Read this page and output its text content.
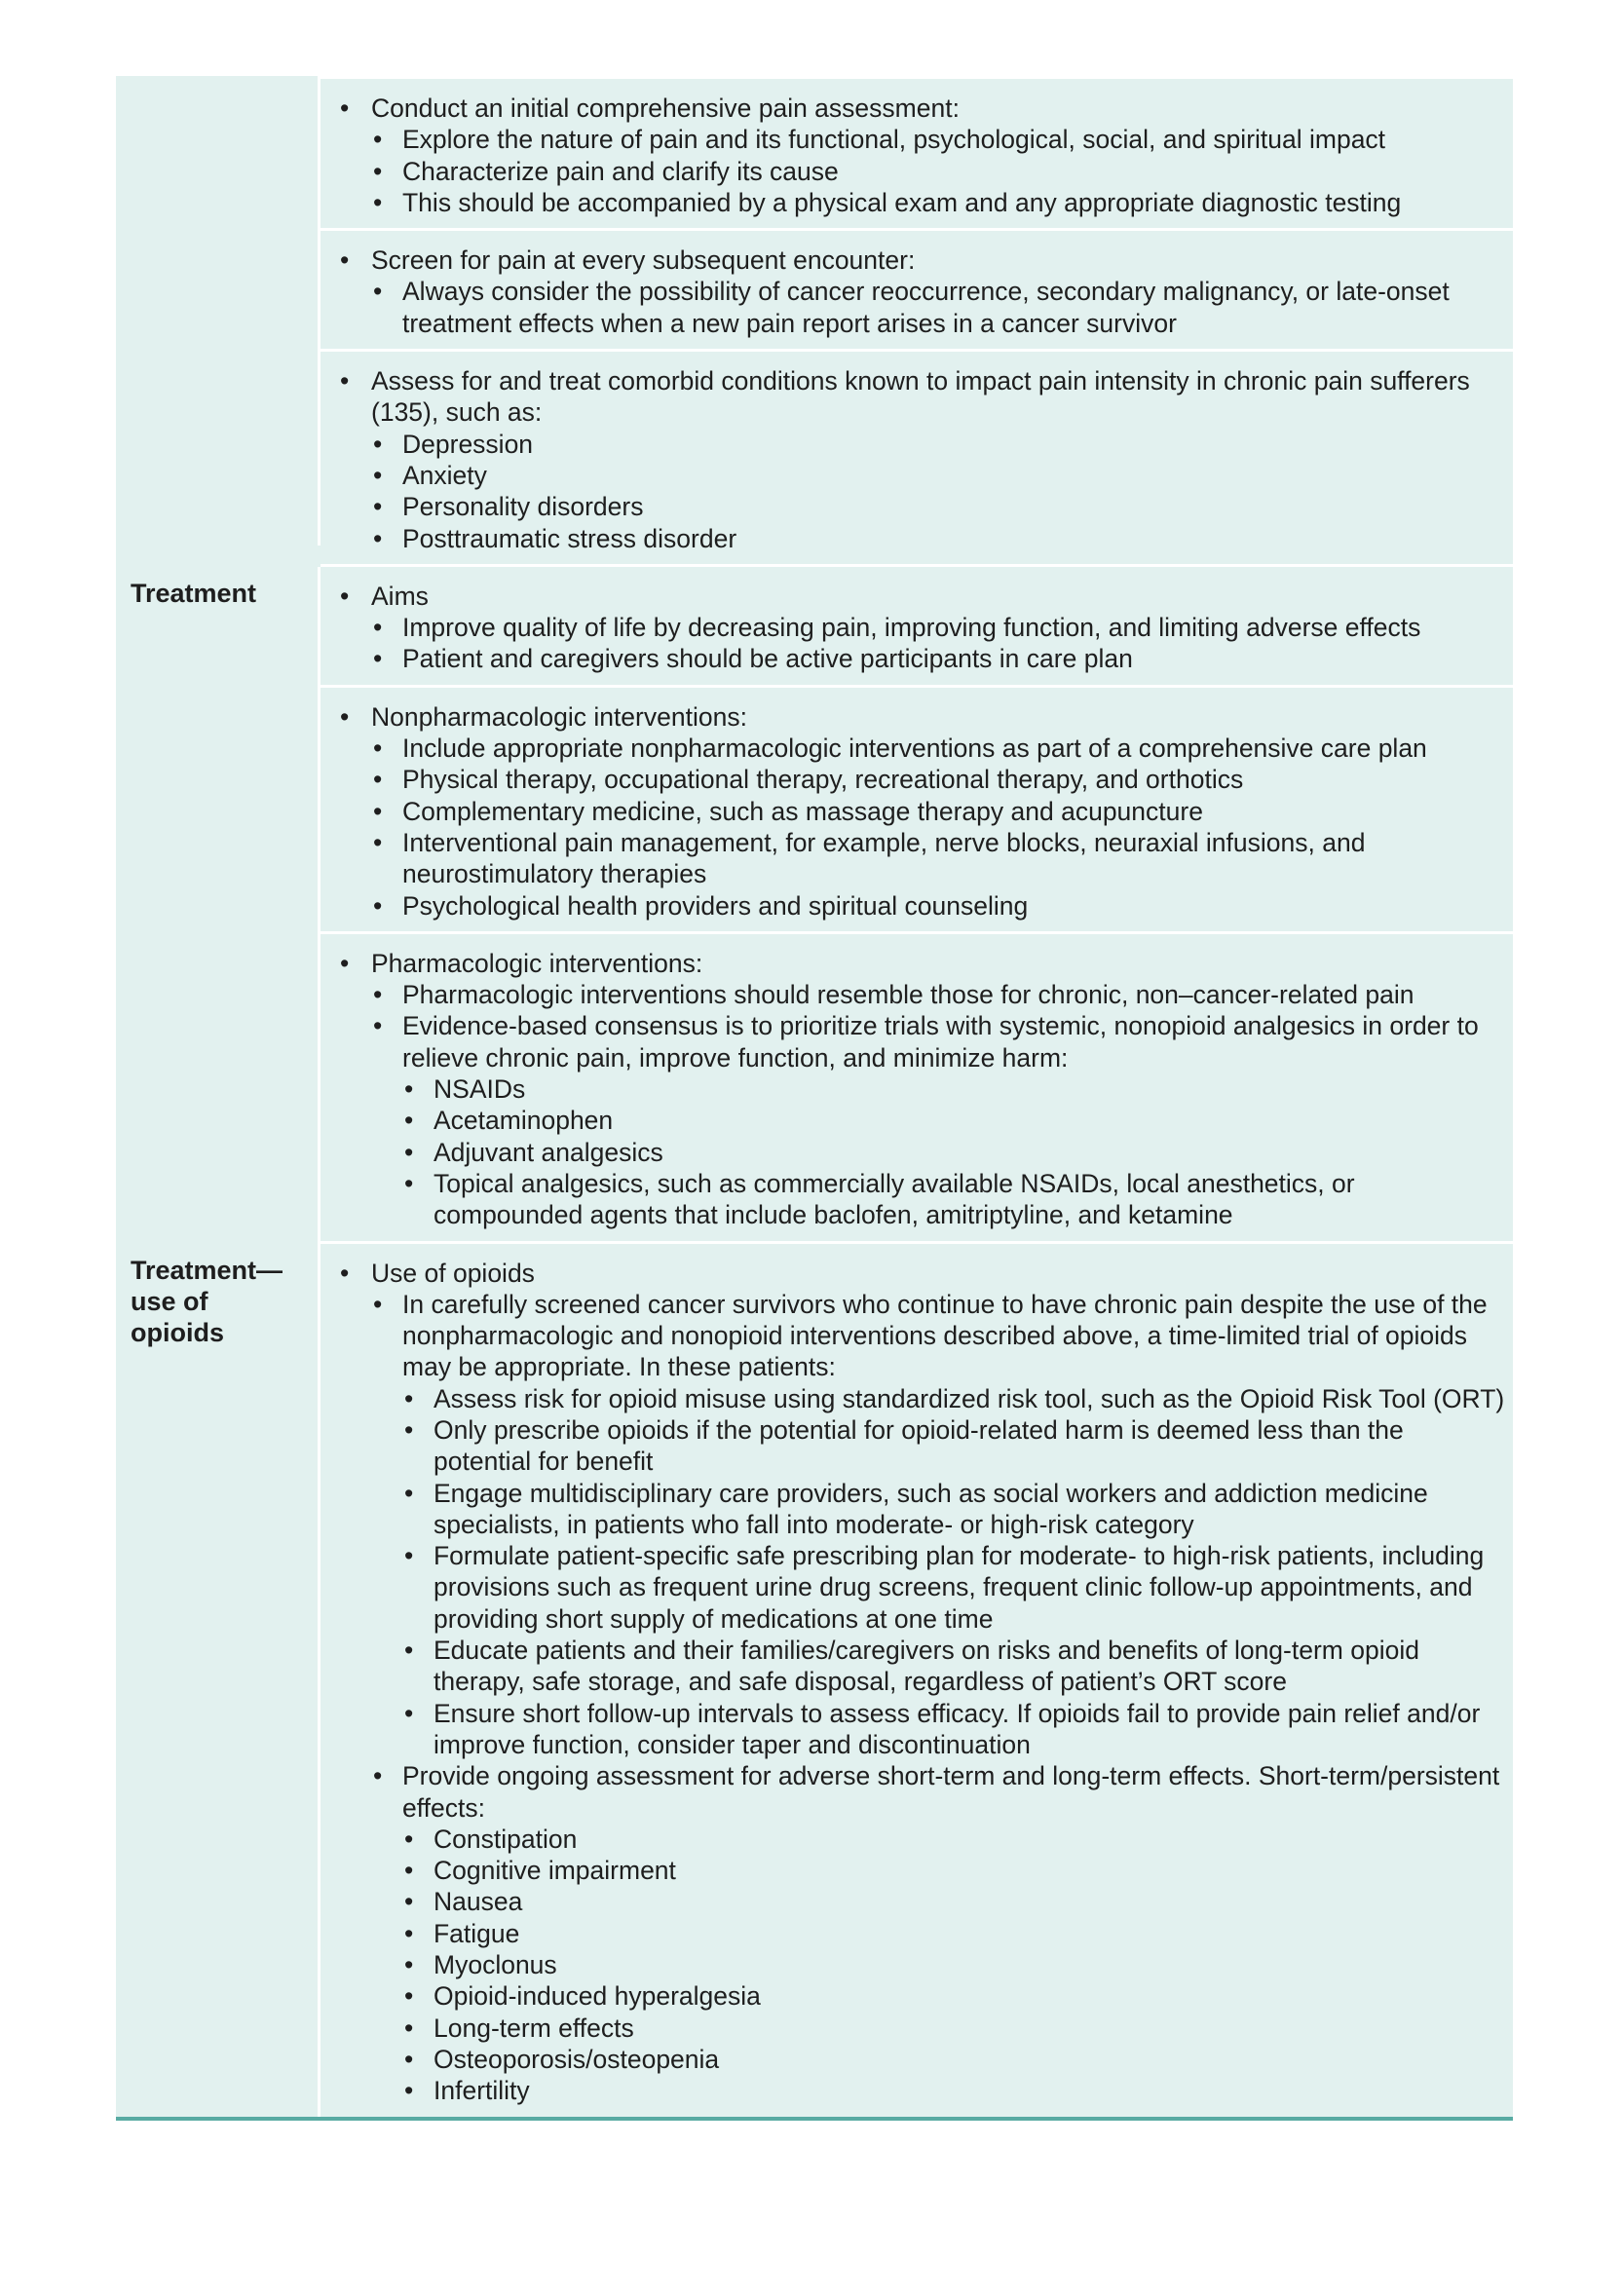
• Conduct an initial comprehensive pain assessment:
• Explore the nature of pain and its functional, psychological, social, and spiritual impact
• Characterize pain and clarify its cause
• This should be accompanied by a physical exam and any appropriate diagnostic testing
• Screen for pain at every subsequent encounter:
• Always consider the possibility of cancer reoccurrence, secondary malignancy, or late-onset treatment effects when a new pain report arises in a cancer survivor
• Assess for and treat comorbid conditions known to impact pain intensity in chronic pain sufferers (135), such as:
• Depression
• Anxiety
• Personality disorders
• Posttraumatic stress disorder
Treatment
•	Aims
• Improve quality of life by decreasing pain, improving function, and limiting adverse effects
• Patient and caregivers should be active participants in care plan
• Nonpharmacologic interventions:
• Include appropriate nonpharmacologic interventions as part of a comprehensive care plan
• Physical therapy, occupational therapy, recreational therapy, and orthotics
• Complementary medicine, such as massage therapy and acupuncture
• Interventional pain management, for example, nerve blocks, neuraxial infusions, and neurostimulatory therapies
• Psychological health providers and spiritual counseling
• Pharmacologic interventions:
• Pharmacologic interventions should resemble those for chronic, non–cancer-related pain
• Evidence-based consensus is to prioritize trials with systemic, nonopioid analgesics in order to relieve chronic pain, improve function, and minimize harm:
• NSAIDs
• Acetaminophen
• Adjuvant analgesics
• Topical analgesics, such as commercially available NSAIDs, local anesthetics, or compounded agents that include baclofen, amitriptyline, and ketamine
Treatment—
use of
opioids
• Use of opioids
• In carefully screened cancer survivors who continue to have chronic pain despite the use of the nonpharmacologic and nonopioid interventions described above, a time-limited trial of opioids may be appropriate. In these patients:
• Assess risk for opioid misuse using standardized risk tool, such as the Opioid Risk Tool (ORT)
• Only prescribe opioids if the potential for opioid-related harm is deemed less than the potential for benefit
• Engage multidisciplinary care providers, such as social workers and addiction medicine specialists, in patients who fall into moderate- or high-risk category
• Formulate patient-specific safe prescribing plan for moderate- to high-risk patients, including provisions such as frequent urine drug screens, frequent clinic follow-up appointments, and providing short supply of medications at one time
• Educate patients and their families/caregivers on risks and benefits of long-term opioid therapy, safe storage, and safe disposal, regardless of patient’s ORT score
• Ensure short follow-up intervals to assess efficacy. If opioids fail to provide pain relief and/or improve function, consider taper and discontinuation
• Provide ongoing assessment for adverse short-term and long-term effects. Short-term/persistent effects:
• Constipation
• Cognitive impairment
• Nausea
• Fatigue
• Myoclonus
• Opioid-induced hyperalgesia
• Long-term effects
• Osteoporosis/osteopenia
• Infertility
